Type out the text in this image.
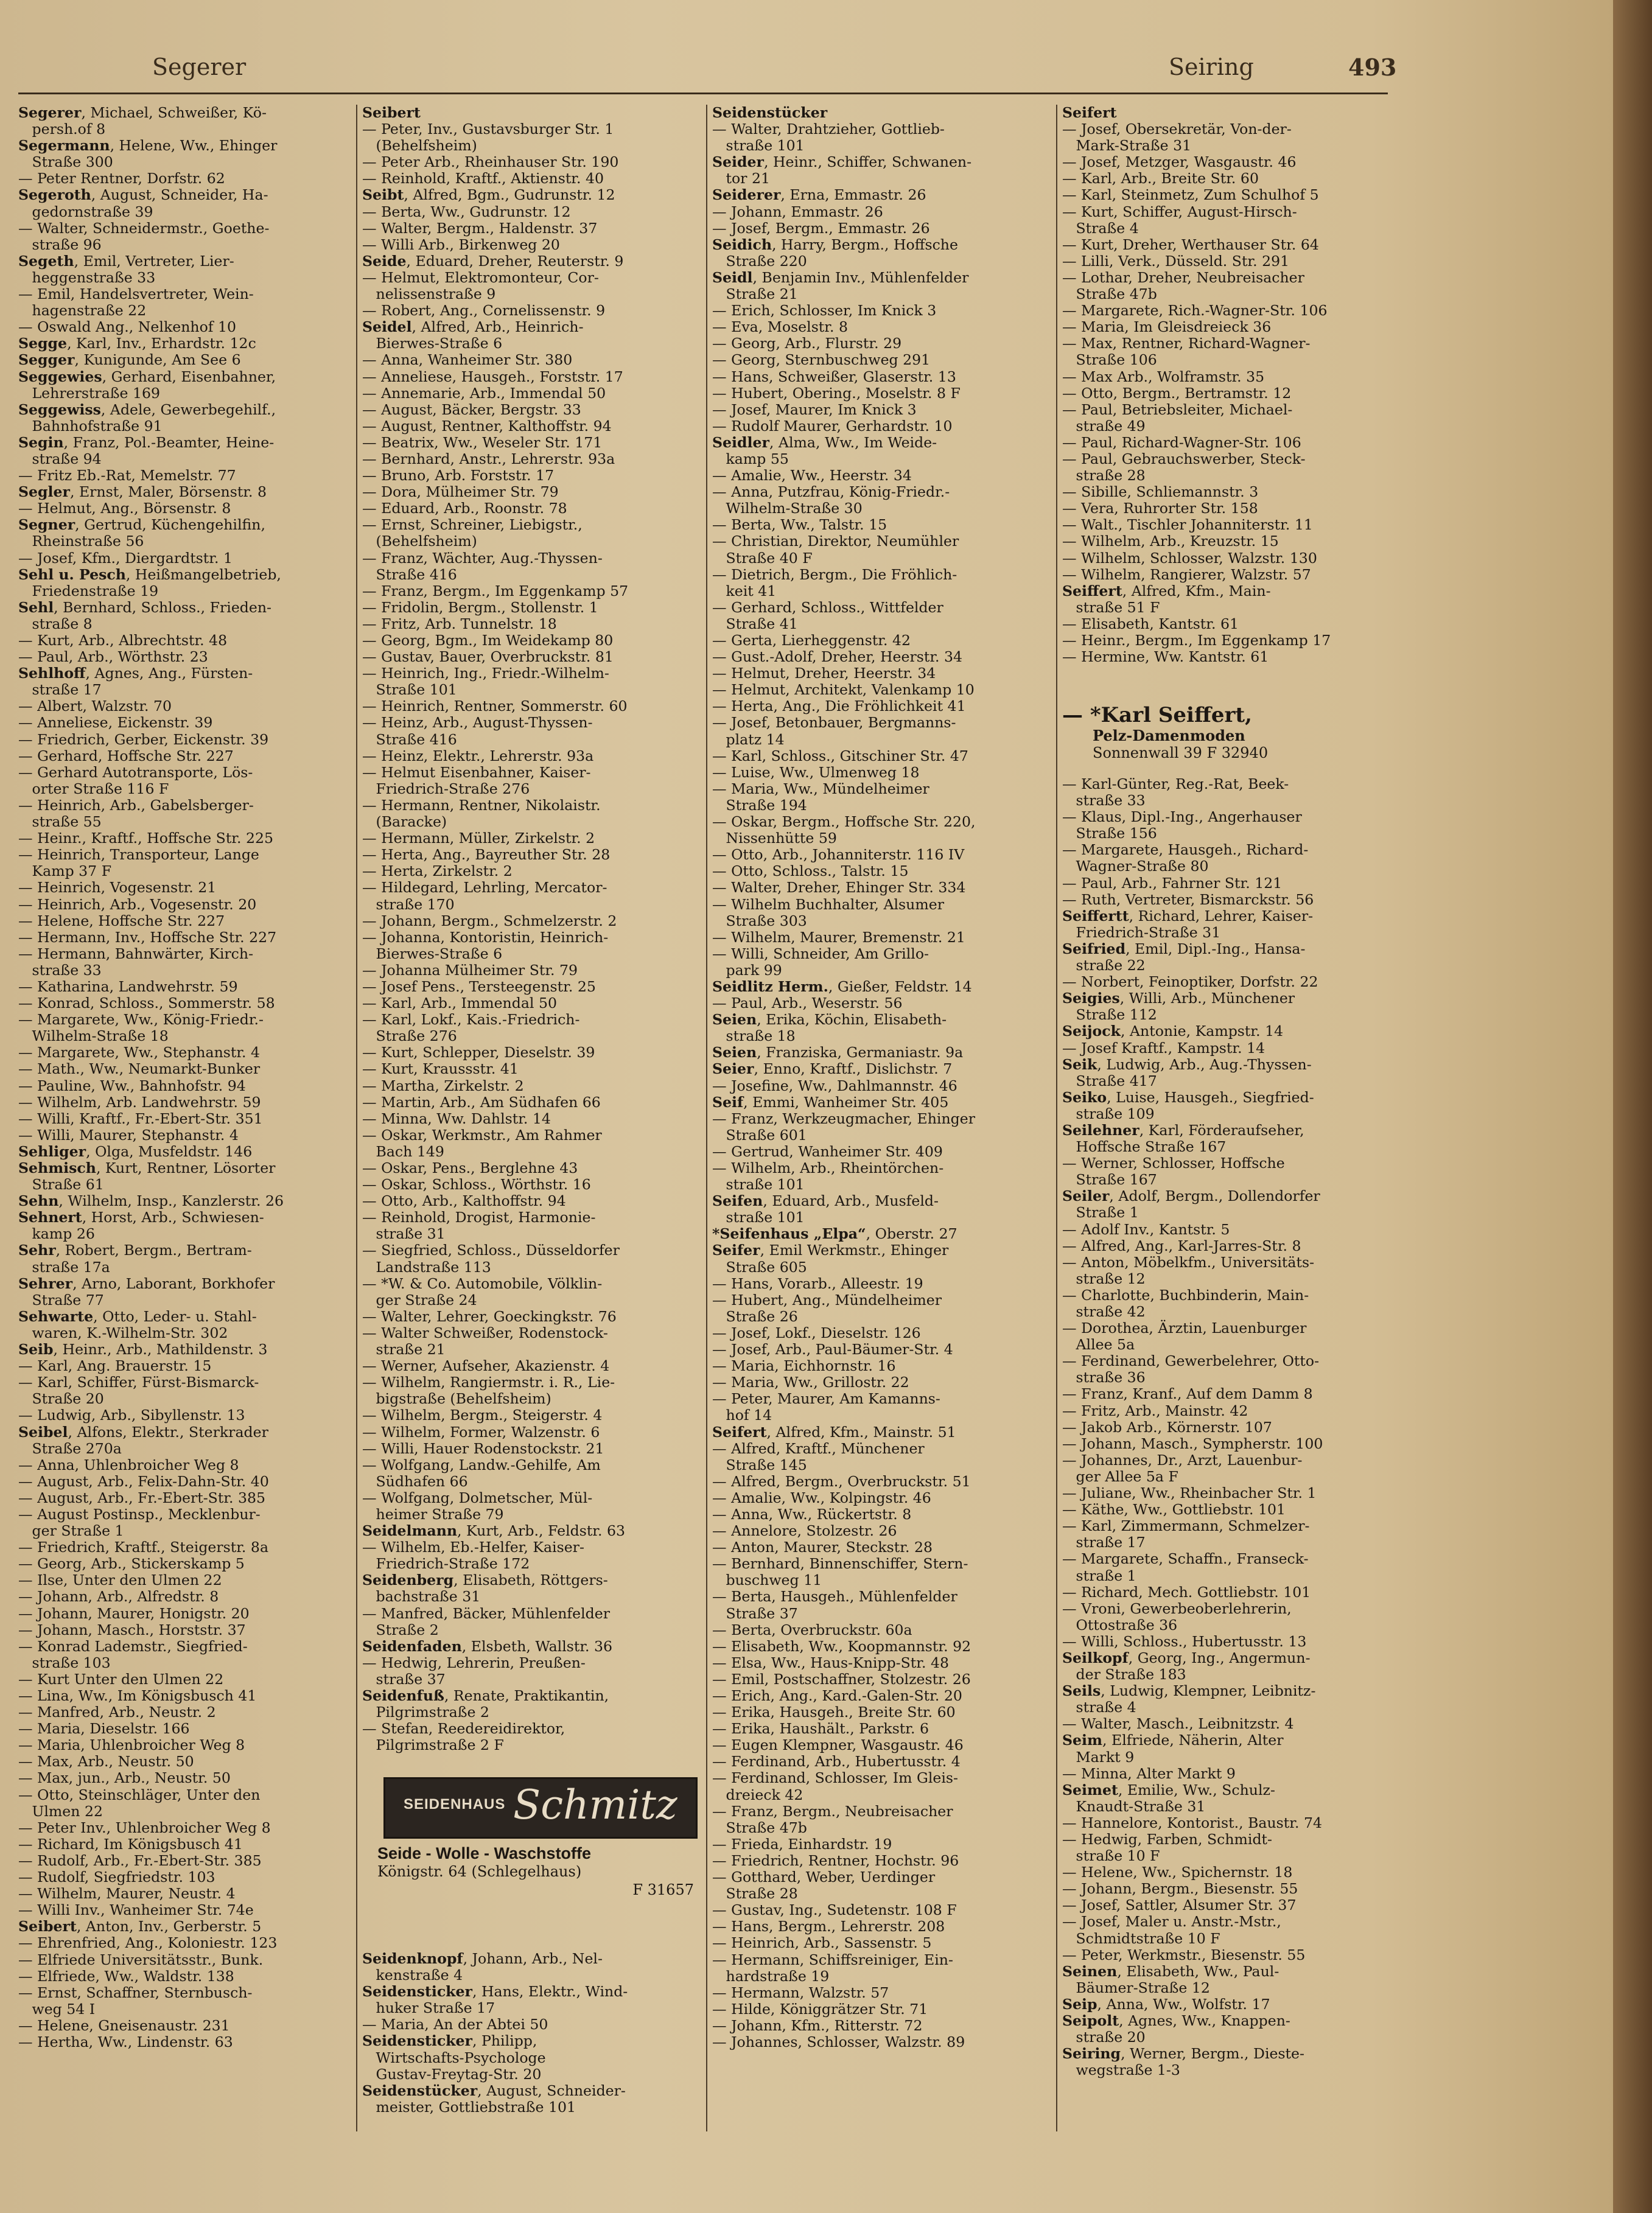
Segerer	Seiring	493
Segerer, Michael, Schweißer, Kö-
persh.of 8
Segermann, Helene, Ww., Ehinger
Straße 300
— Peter Rentner, Dorfstr. 62
Segeroth, August, Schneider, Ha-
gedornstraße 39
— Walter, Schneidermstr., Goethe-
straße 96
Segeth, Emil, Vertreter, Lier-
heggenstraße 33
— Emil, Handelsvertreter, Wein-
hagenstraße 22
— Oswald Ang., Nelkenhof 10
Segge, Karl, Inv., Erhardstr. 12c
Segger, Kunigunde, Am See 6
Seggewies, Gerhard, Eisenbahner,
Lehrerstraße 169
Seggewiss, Adele, Gewerbegehilf.,
Bahnhofstraße 91
Segin, Franz, Pol.-Beamter, Heine-
straße 94
— Fritz Eb.-Rat, Memelstr. 77
Segler, Ernst, Maler, Börsenstr. 8
— Helmut, Ang., Börsenstr. 8
Segner, Gertrud, Küchengehilfin,
Rheinstraße 56
— Josef, Kfm., Diergardtstr. 1
Sehl u. Pesch, Heißmangelbetrieb,
Friedenstraße 19
Sehl, Bernhard, Schloss., Frieden-
straße 8
— Kurt, Arb., Albrechtstr. 48
— Paul, Arb., Wörthstr. 23
Sehlhoff, Agnes, Ang., Fürsten-
straße 17
— Albert, Walzstr. 70
— Anneliese, Eickenstr. 39
— Friedrich, Gerber, Eickenstr. 39
— Gerhard, Hoffsche Str. 227
— Gerhard Autotransporte, Lös-
orter Straße 116 F
— Heinrich, Arb., Gabelsberger-
straße 55
— Heinr., Kraftf., Hoffsche Str. 225
— Heinrich, Transporteur, Lange
Kamp 37 F
— Heinrich, Vogesenstr. 21
— Heinrich, Arb., Vogesenstr. 20
— Helene, Hoffsche Str. 227
— Hermann, Inv., Hoffsche Str. 227
— Hermann, Bahnwärter, Kirch-
straße 33
— Katharina, Landwehrstr. 59
— Konrad, Schloss., Sommerstr. 58
— Margarete, Ww., König-Friedr.-
Wilhelm-Straße 18
— Margarete, Ww., Stephanstr. 4
— Math., Ww., Neumarkt-Bunker
— Pauline, Ww., Bahnhofstr. 94
— Wilhelm, Arb. Landwehrstr. 59
— Willi, Kraftf., Fr.-Ebert-Str. 351
— Willi, Maurer, Stephanstr. 4
Sehliger, Olga, Musfeldstr. 146
Sehmisch, Kurt, Rentner, Lösorter
Straße 61
Sehn, Wilhelm, Insp., Kanzlerstr. 26
Sehnert, Horst, Arb., Schwiesen-
kamp 26
Sehr, Robert, Bergm., Bertram-
straße 17a
Sehrer, Arno, Laborant, Borkhofer
Straße 77
Sehwarte, Otto, Leder- u. Stahl-
waren, K.-Wilhelm-Str. 302
Seib, Heinr., Arb., Mathildenstr. 3
— Karl, Ang. Brauerstr. 15
— Karl, Schiffer, Fürst-Bismarck-
Straße 20
— Ludwig, Arb., Sibyllenstr. 13
Seibel, Alfons, Elektr., Sterkrader
Straße 270a
— Anna, Uhlenbroicher Weg 8
— August, Arb., Felix-Dahn-Str. 40
— August, Arb., Fr.-Ebert-Str. 385
— August Postinsp., Mecklenbur-
ger Straße 1
— Friedrich, Kraftf., Steigerstr. 8a
— Georg, Arb., Stickerskamp 5
— Ilse, Unter den Ulmen 22
— Johann, Arb., Alfredstr. 8
— Johann, Maurer, Honigstr. 20
— Johann, Masch., Horststr. 37
— Konrad Lademstr., Siegfried-
straße 103
— Kurt Unter den Ulmen 22
— Lina, Ww., Im Königsbusch 41
— Manfred, Arb., Neustr. 2
— Maria, Dieselstr. 166
— Maria, Uhlenbroicher Weg 8
— Max, Arb., Neustr. 50
— Max, jun., Arb., Neustr. 50
— Otto, Steinschläger, Unter den
Ulmen 22
— Peter Inv., Uhlenbroicher Weg 8
— Richard, Im Königsbusch 41
— Rudolf, Arb., Fr.-Ebert-Str. 385
— Rudolf, Siegfriedstr. 103
— Wilhelm, Maurer, Neustr. 4
— Willi Inv., Wanheimer Str. 74e
Seibert, Anton, Inv., Gerberstr. 5
— Ehrenfried, Ang., Koloniestr. 123
— Elfriede Universitätsstr., Bunk.
— Elfriede, Ww., Waldstr. 138
— Ernst, Schaffner, Sternbusch-
weg 54 I
— Helene, Gneisenaustr. 231
— Hertha, Ww., Lindenstr. 63
Seibert
— Peter, Inv., Gustavsburger Str. 1
(Behelfsheim)
— Peter Arb., Rheinhauser Str. 190
— Reinhold, Kraftf., Aktienstr. 40
Seibt, Alfred, Bgm., Gudrunstr. 12
— Berta, Ww., Gudrunstr. 12
— Walter, Bergm., Haldenstr. 37
— Willi Arb., Birkenweg 20
Seide, Eduard, Dreher, Reuterstr. 9
— Helmut, Elektromonteur, Cor-
nelissenstraße 9
— Robert, Ang., Cornelissenstr. 9
Seidel, Alfred, Arb., Heinrich-
Bierwes-Straße 6
— Anna, Wanheimer Str. 380
— Anneliese, Hausgeh., Forststr. 17
— Annemarie, Arb., Immendal 50
— August, Bäcker, Bergstr. 33
— August, Rentner, Kalthoffstr. 94
— Beatrix, Ww., Weseler Str. 171
— Bernhard, Anstr., Lehrerstr. 93a
— Bruno, Arb. Forststr. 17
— Dora, Mülheimer Str. 79
— Eduard, Arb., Roonstr. 78
— Ernst, Schreiner, Liebigstr.,
(Behelfsheim)
— Franz, Wächter, Aug.-Thyssen-
Straße 416
— Franz, Bergm., Im Eggenkamp 57
— Fridolin, Bergm., Stollenstr. 1
— Fritz, Arb. Tunnelstr. 18
— Georg, Bgm., Im Weidekamp 80
— Gustav, Bauer, Overbruckstr. 81
— Heinrich, Ing., Friedr.-Wilhelm-
Straße 101
— Heinrich, Rentner, Sommerstr. 60
— Heinz, Arb., August-Thyssen-
Straße 416
— Heinz, Elektr., Lehrerstr. 93a
— Helmut Eisenbahner, Kaiser-
Friedrich-Straße 276
— Hermann, Rentner, Nikolaistr.
(Baracke)
— Hermann, Müller, Zirkelstr. 2
— Herta, Ang., Bayreuther Str. 28
— Herta, Zirkelstr. 2
— Hildegard, Lehrling, Mercator-
straße 170
— Johann, Bergm., Schmelzerstr. 2
— Johanna, Kontoristin, Heinrich-
Bierwes-Straße 6
— Johanna Mülheimer Str. 79
— Josef Pens., Tersteegenstr. 25
— Karl, Arb., Immendal 50
— Karl, Lokf., Kais.-Friedrich-
Straße 276
— Kurt, Schlepper, Dieselstr. 39
— Kurt, Kraussstr. 41
— Martha, Zirkelstr. 2
— Martin, Arb., Am Südhafen 66
— Minna, Ww. Dahlstr. 14
— Oskar, Werkmstr., Am Rahmer
Bach 149
— Oskar, Pens., Berglehne 43
— Oskar, Schloss., Wörthstr. 16
— Otto, Arb., Kalthoffstr. 94
— Reinhold, Drogist, Harmonie-
straße 31
— Siegfried, Schloss., Düsseldorfer
Landstraße 113
— *W. & Co. Automobile, Völklin-
ger Straße 24
— Walter, Lehrer, Goeckingkstr. 76
— Walter Schweißer, Rodenstock-
straße 21
— Werner, Aufseher, Akazienstr. 4
— Wilhelm, Rangiermstr. i. R., Lie-
bigstraße (Behelfsheim)
— Wilhelm, Bergm., Steigerstr. 4
— Wilhelm, Former, Walzenstr. 6
— Willi, Hauer Rodenstockstr. 21
— Wolfgang, Landw.-Gehilfe, Am
Südhafen 66
— Wolfgang, Dolmetscher, Mül-
heimer Straße 79
Seidelmann, Kurt, Arb., Feldstr. 63
— Wilhelm, Eb.-Helfer, Kaiser-
Friedrich-Straße 172
Seidenberg, Elisabeth, Röttgers-
bachstraße 31
— Manfred, Bäcker, Mühlenfelder
Straße 2
Seidenfaden, Elsbeth, Wallstr. 36
— Hedwig, Lehrerin, Preußen-
straße 37
Seidenfuß, Renate, Praktikantin,
Pilgrimstraße 2
— Stefan, Reedereidirektor,
Pilgrimstraße 2 F
SEIDENHAUS Schmitz
Seide - Wolle - Waschstoffe
Königstr. 64 (Schlegelhaus)
F 31657
Seidenknopf, Johann, Arb., Nel-
kenstraße 4
Seidensticker, Hans, Elektr., Wind-
huker Straße 17
— Maria, An der Abtei 50
Seidensticker, Philipp,
Wirtschafts-Psychologe
Gustav-Freytag-Str. 20
Seidenstücker, August, Schneider-
meister, Gottliebstraße 101
Seidenstücker
— Walter, Drahtzieher, Gottlieb-
straße 101
Seider, Heinr., Schiffer, Schwanen-
tor 21
Seiderer, Erna, Emmastr. 26
— Johann, Emmastr. 26
— Josef, Bergm., Emmastr. 26
Seidich, Harry, Bergm., Hoffsche
Straße 220
Seidl, Benjamin Inv., Mühlenfelder
Straße 21
— Erich, Schlosser, Im Knick 3
— Eva, Moselstr. 8
— Georg, Arb., Flurstr. 29
— Georg, Sternbuschweg 291
— Hans, Schweißer, Glaserstr. 13
— Hubert, Obering., Moselstr. 8 F
— Josef, Maurer, Im Knick 3
— Rudolf Maurer, Gerhardstr. 10
Seidler, Alma, Ww., Im Weide-
kamp 55
— Amalie, Ww., Heerstr. 34
— Anna, Putzfrau, König-Friedr.-
Wilhelm-Straße 30
— Berta, Ww., Talstr. 15
— Christian, Direktor, Neumühler
Straße 40 F
— Dietrich, Bergm., Die Fröhlich-
keit 41
— Gerhard, Schloss., Wittfelder
Straße 41
— Gerta, Lierheggenstr. 42
— Gust.-Adolf, Dreher, Heerstr. 34
— Helmut, Dreher, Heerstr. 34
— Helmut, Architekt, Valenkamp 10
— Herta, Ang., Die Fröhlichkeit 41
— Josef, Betonbauer, Bergmanns-
platz 14
— Karl, Schloss., Gitschiner Str. 47
— Luise, Ww., Ulmenweg 18
— Maria, Ww., Mündelheimer
Straße 194
— Oskar, Bergm., Hoffsche Str. 220,
Nissenhütte 59
— Otto, Arb., Johanniterstr. 116 IV
— Otto, Schloss., Talstr. 15
— Walter, Dreher, Ehinger Str. 334
— Wilhelm Buchhalter, Alsumer
Straße 303
— Wilhelm, Maurer, Bremenstr. 21
— Willi, Schneider, Am Grillo-
park 99
Seidlitz Herm., Gießer, Feldstr. 14
— Paul, Arb., Weserstr. 56
Seien, Erika, Köchin, Elisabeth-
straße 18
Seien, Franziska, Germaniastr. 9a
Seier, Enno, Kraftf., Dislichstr. 7
— Josefine, Ww., Dahlmannstr. 46
Seif, Emmi, Wanheimer Str. 405
— Franz, Werkzeugmacher, Ehinger
Straße 601
— Gertrud, Wanheimer Str. 409
— Wilhelm, Arb., Rheintörchen-
straße 101
Seifen, Eduard, Arb., Musfeld-
straße 101
*Seifenhaus „Elpa“, Oberstr. 27
Seifer, Emil Werkmstr., Ehinger
Straße 605
— Hans, Vorarb., Alleestr. 19
— Hubert, Ang., Mündelheimer
Straße 26
— Josef, Lokf., Dieselstr. 126
— Josef, Arb., Paul-Bäumer-Str. 4
— Maria, Eichhornstr. 16
— Maria, Ww., Grillostr. 22
— Peter, Maurer, Am Kamanns-
hof 14
Seifert, Alfred, Kfm., Mainstr. 51
— Alfred, Kraftf., Münchener
Straße 145
— Alfred, Bergm., Overbruckstr. 51
— Amalie, Ww., Kolpingstr. 46
— Anna, Ww., Rückertstr. 8
— Annelore, Stolzestr. 26
— Anton, Maurer, Steckstr. 28
— Bernhard, Binnenschiffer, Stern-
buschweg 11
— Berta, Hausgeh., Mühlenfelder
Straße 37
— Berta, Overbruckstr. 60a
— Elisabeth, Ww., Koopmannstr. 92
— Elsa, Ww., Haus-Knipp-Str. 48
— Emil, Postschaffner, Stolzestr. 26
— Erich, Ang., Kard.-Galen-Str. 20
— Erika, Hausgeh., Breite Str. 60
— Erika, Haushält., Parkstr. 6
— Eugen Klempner, Wasgaustr. 46
— Ferdinand, Arb., Hubertusstr. 4
— Ferdinand, Schlosser, Im Gleis-
dreieck 42
— Franz, Bergm., Neubreisacher
Straße 47b
— Frieda, Einhardstr. 19
— Friedrich, Rentner, Hochstr. 96
— Gotthard, Weber, Uerdinger
Straße 28
— Gustav, Ing., Sudetenstr. 108 F
— Hans, Bergm., Lehrerstr. 208
— Heinrich, Arb., Sassenstr. 5
— Hermann, Schiffsreiniger, Ein-
hardstraße 19
— Hermann, Walzstr. 57
— Hilde, Königgrätzer Str. 71
— Johann, Kfm., Ritterstr. 72
— Johannes, Schlosser, Walzstr. 89
Seifert
— Josef, Obersekretär, Von-der-
Mark-Straße 31
— Josef, Metzger, Wasgaustr. 46
— Karl, Arb., Breite Str. 60
— Karl, Steinmetz, Zum Schulhof 5
— Kurt, Schiffer, August-Hirsch-
Straße 4
— Kurt, Dreher, Werthauser Str. 64
— Lilli, Verk., Düsseld. Str. 291
— Lothar, Dreher, Neubreisacher
Straße 47b
— Margarete, Rich.-Wagner-Str. 106
— Maria, Im Gleisdreieck 36
— Max, Rentner, Richard-Wagner-
Straße 106
— Max Arb., Wolframstr. 35
— Otto, Bergm., Bertramstr. 12
— Paul, Betriebsleiter, Michael-
straße 49
— Paul, Richard-Wagner-Str. 106
— Paul, Gebrauchswerber, Steck-
straße 28
— Sibille, Schliemannstr. 3
— Vera, Ruhrorter Str. 158
— Walt., Tischler Johanniterstr. 11
— Wilhelm, Arb., Kreuzstr. 15
— Wilhelm, Schlosser, Walzstr. 130
— Wilhelm, Rangierer, Walzstr. 57
Seiffert, Alfred, Kfm., Main-
straße 51 F
— Elisabeth, Kantstr. 61
— Heinr., Bergm., Im Eggenkamp 17
— Hermine, Ww. Kantstr. 61
— *Karl Seiffert,
Pelz-Damenmoden
Sonnenwall 39 F 32940
— Karl-Günter, Reg.-Rat, Beek-
straße 33
— Klaus, Dipl.-Ing., Angerhauser
Straße 156
— Margarete, Hausgeh., Richard-
Wagner-Straße 80
— Paul, Arb., Fahrner Str. 121
— Ruth, Vertreter, Bismarckstr. 56
Seiffertt, Richard, Lehrer, Kaiser-
Friedrich-Straße 31
Seifried, Emil, Dipl.-Ing., Hansa-
straße 22
— Norbert, Feinoptiker, Dorfstr. 22
Seigies, Willi, Arb., Münchener
Straße 112
Seijock, Antonie, Kampstr. 14
— Josef Kraftf., Kampstr. 14
Seik, Ludwig, Arb., Aug.-Thyssen-
Straße 417
Seiko, Luise, Hausgeh., Siegfried-
straße 109
Seilehner, Karl, Förderaufseher,
Hoffsche Straße 167
— Werner, Schlosser, Hoffsche
Straße 167
Seiler, Adolf, Bergm., Dollendorfer
Straße 1
— Adolf Inv., Kantstr. 5
— Alfred, Ang., Karl-Jarres-Str. 8
— Anton, Möbelkfm., Universitäts-
straße 12
— Charlotte, Buchbinderin, Main-
straße 42
— Dorothea, Ärztin, Lauenburger
Allee 5a
— Ferdinand, Gewerbelehrer, Otto-
straße 36
— Franz, Kranf., Auf dem Damm 8
— Fritz, Arb., Mainstr. 42
— Jakob Arb., Körnerstr. 107
— Johann, Masch., Sympherstr. 100
— Johannes, Dr., Arzt, Lauenbur-
ger Allee 5a F
— Juliane, Ww., Rheinbacher Str. 1
— Käthe, Ww., Gottliebstr. 101
— Karl, Zimmermann, Schmelzer-
straße 17
— Margarete, Schaffn., Franseck-
straße 1
— Richard, Mech. Gottliebstr. 101
— Vroni, Gewerbeoberlehrerin,
Ottostraße 36
— Willi, Schloss., Hubertusstr. 13
Seilkopf, Georg, Ing., Angermun-
der Straße 183
Seils, Ludwig, Klempner, Leibnitz-
straße 4
— Walter, Masch., Leibnitzstr. 4
Seim, Elfriede, Näherin, Alter
Markt 9
— Minna, Alter Markt 9
Seimet, Emilie, Ww., Schulz-
Knaudt-Straße 31
— Hannelore, Kontorist., Baustr. 74
— Hedwig, Farben, Schmidt-
straße 10 F
— Helene, Ww., Spichernstr. 18
— Johann, Bergm., Biesenstr. 55
— Josef, Sattler, Alsumer Str. 37
— Josef, Maler u. Anstr.-Mstr.,
Schmidtstraße 10 F
— Peter, Werkmstr., Biesenstr. 55
Seinen, Elisabeth, Ww., Paul-
Bäumer-Straße 12
Seip, Anna, Ww., Wolfstr. 17
Seipolt, Agnes, Ww., Knappen-
straße 20
Seiring, Werner, Bergm., Dieste-
wegstraße 1-3
